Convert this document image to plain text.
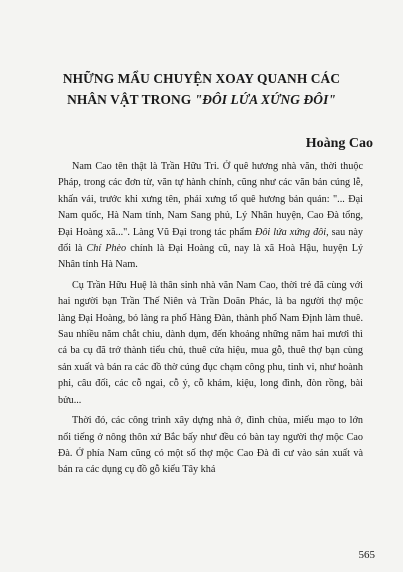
NHỮNG MẨU CHUYỆN XOAY QUANH CÁC
NHÂN VẬT TRONG "ĐÔI LỨA XỨNG ĐÔI"
Hoàng Cao

Nam Cao tên thật là Trần Hữu Tri. Ở quê hương nhà văn, thời thuộc Pháp, trong các đơn từ, văn tự hành chính, cũng như các văn bản cúng lễ, khấn vái, trước khi xưng tên, phải xưng tổ quê hương bản quán: "... Đại Nam quốc, Hà Nam tỉnh, Nam Sang phủ, Lý Nhân huyện, Cao Đà tổng, Đại Hoàng xã...". Làng Vũ Đại trong tác phẩm Đôi lứa xứng đôi, sau này đổi là Chí Phèo chính là Đại Hoàng cũ, nay là xã Hoà Hậu, huyện Lý Nhân tỉnh Hà Nam.

Cụ Trần Hữu Huệ là thân sinh nhà văn Nam Cao, thời trẻ đã cùng với hai người bạn Trần Thế Niên và Trần Doãn Phác, là ba người thợ mộc làng Đại Hoàng, bỏ làng ra phố Hàng Đàn, thành phố Nam Định làm thuê. Sau nhiều năm chắt chiu, dành dụm, đến khoảng những năm hai mươi thì cả ba cụ đã trở thành tiểu chủ, thuê cửa hiệu, mua gỗ, thuê thợ bạn cùng sản xuất và bán ra các đồ thờ cúng đục chạm công phu, tinh vi, như hoành phi, câu đối, các cỗ ngai, cỗ ỷ, cỗ khám, kiệu, long đình, đòn rồng, bài bửu...

Thời đó, các công trình xây dựng nhà ở, đình chùa, miếu mạo to lớn nổi tiếng ở nông thôn xứ Bắc bấy như đều có bàn tay người thợ mộc Cao Đà. Ở phía Nam cũng có một số thợ mộc Cao Đà đi cư vào sản xuất và bán ra các dụng cụ đồ gỗ kiểu Tây khá

565
